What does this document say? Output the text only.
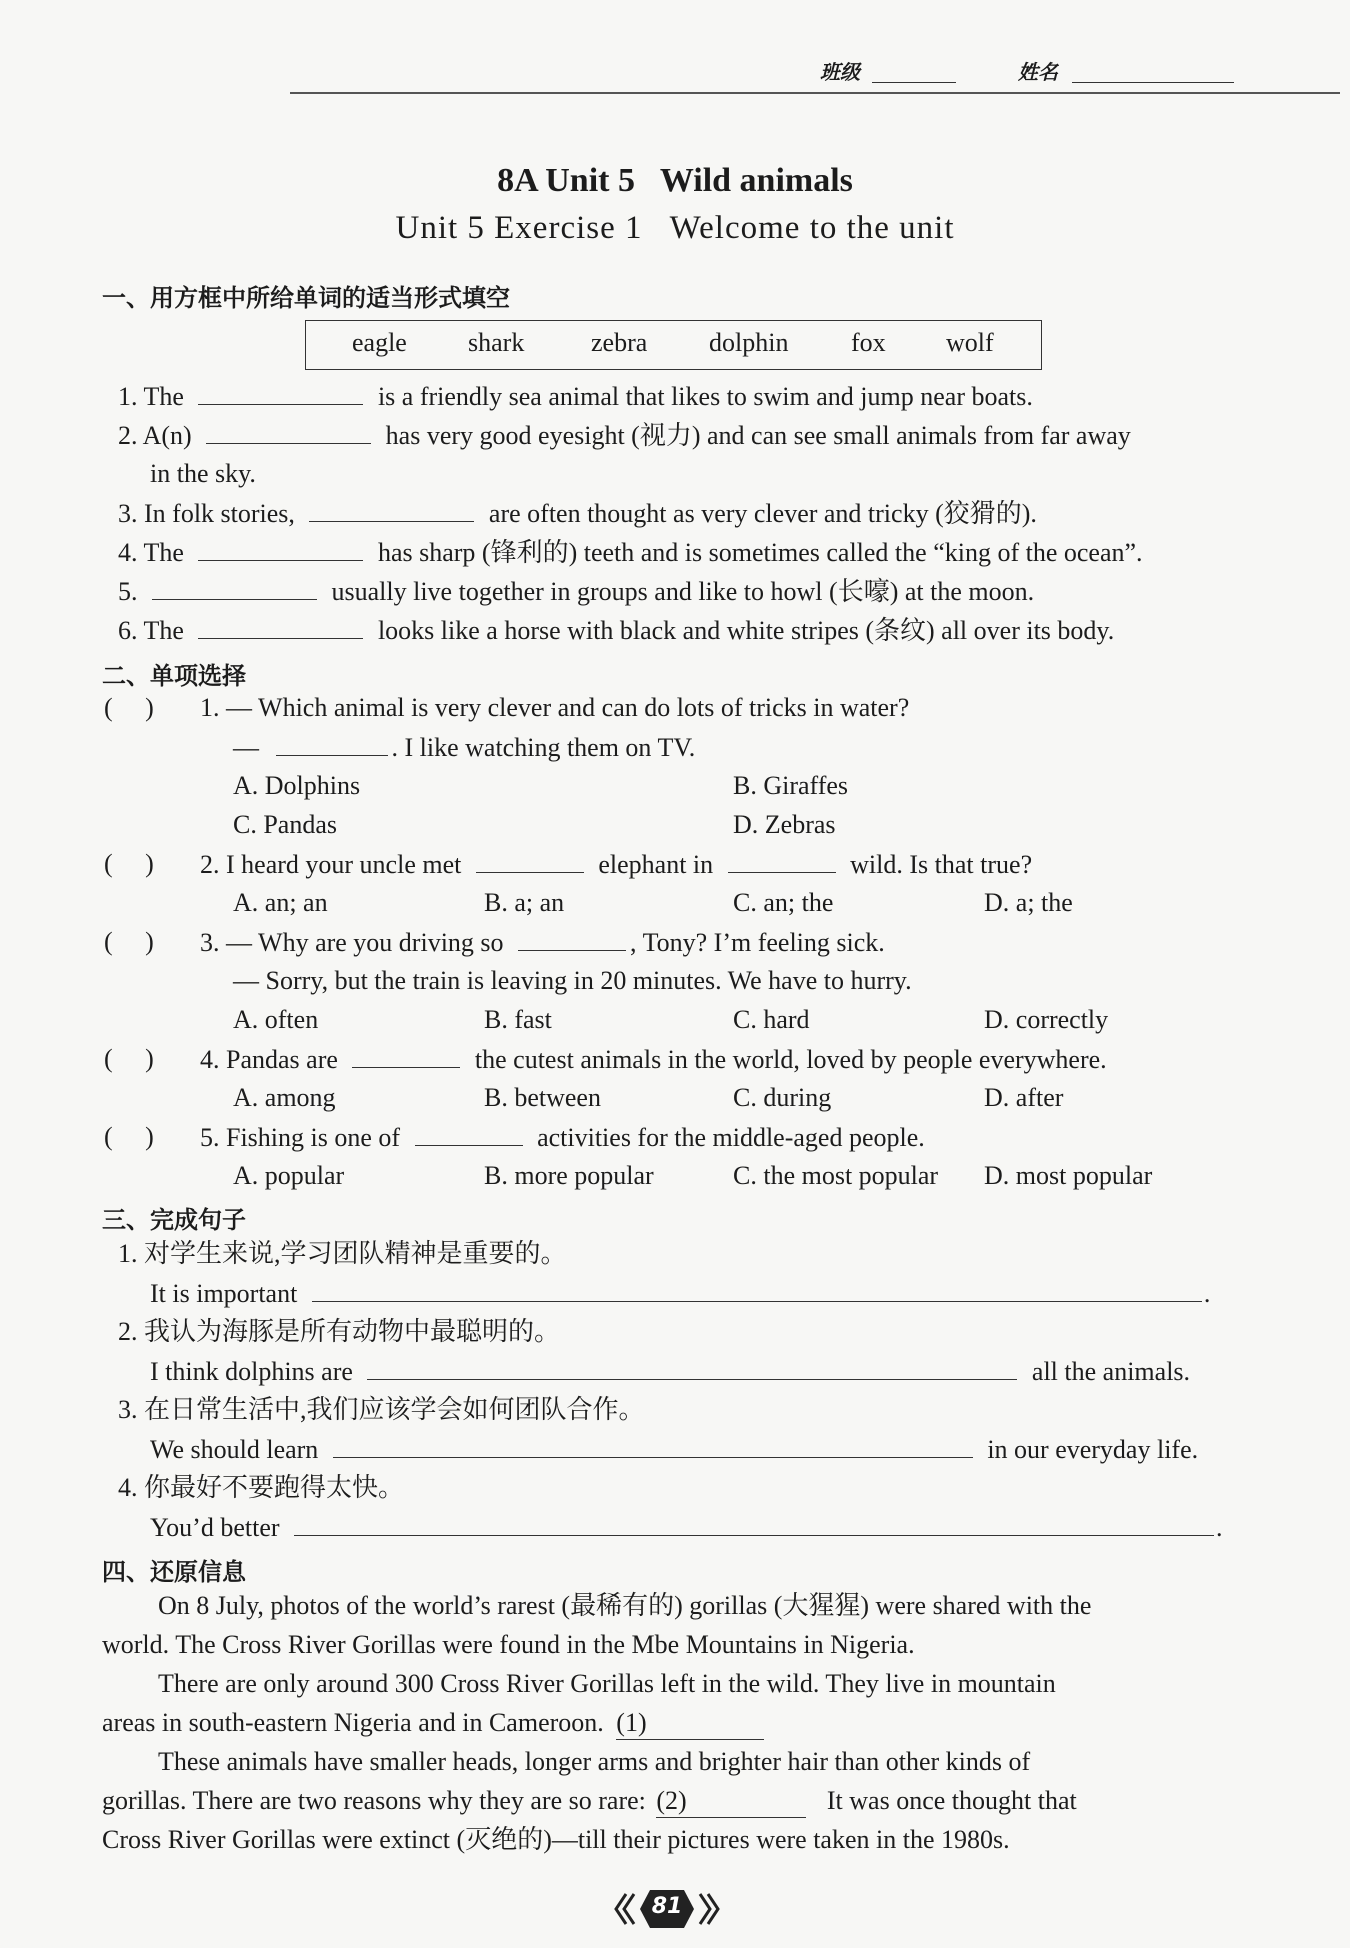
班级	姓名
8A Unit 5   Wild animals
Unit 5 Exercise 1   Welcome to the unit
一、用方框中所给单词的适当形式填空
eagle shark	zebra dolphin fox wolf
1. The	is a friendly sea animal that likes to swim and jump near boats.
2. A(n)	has very good eyesight (视力) and can see small animals from far away
in the sky.
3. In folk stories,	are often thought as very clever and tricky (狡猾的).
4. The	has sharp (锋利的) teeth and is sometimes called the “king of the ocean”.
5.	usually live together in groups and like to howl (长嚎) at the moon.
6. The	looks like a horse with black and white stripes (条纹) all over its body.
二、单项选择
(     ) 1. — Which animal is very clever and can do lots of tricks in water?
—	. I like watching them on TV.
A. Dolphins	B. Giraffes
C. Pandas	D. Zebras
(     ) 2. I heard your uncle met	elephant in	wild. Is that true?
A. an; an	B. a; an	C. an; the	D. a; the
(     ) 3. — Why are you driving so	, Tony? I’m feeling sick.
— Sorry, but the train is leaving in 20 minutes. We have to hurry.
A. often	B. fast	C. hard	D. correctly
(     ) 4. Pandas are	the cutest animals in the world, loved by people everywhere.
A. among	B. between	C. during	D. after
(     ) 5. Fishing is one of	activities for the middle-aged people.
A. popular	B. more popular	C. the most popular D. most popular
三、完成句子
1. 对学生来说,学习团队精神是重要的。
It is important	.
2. 我认为海豚是所有动物中最聪明的。
I think dolphins are	all the animals.
3. 在日常生活中,我们应该学会如何团队合作。
We should learn	in our everyday life.
4. 你最好不要跑得太快。
You’d better	.
四、还原信息
On 8 July, photos of the world’s rarest (最稀有的) gorillas (大猩猩) were shared with the
world. The Cross River Gorillas were found in the Mbe Mountains in Nigeria.
There are only around 300 Cross River Gorillas left in the wild. They live in mountain
areas in south-eastern Nigeria and in Cameroon. (1)
These animals have smaller heads, longer arms and brighter hair than other kinds of
gorillas. There are two reasons why they are so rare: (2)	It was once thought that
Cross River Gorillas were extinct (灭绝的)—till their pictures were taken in the 1980s.
81
